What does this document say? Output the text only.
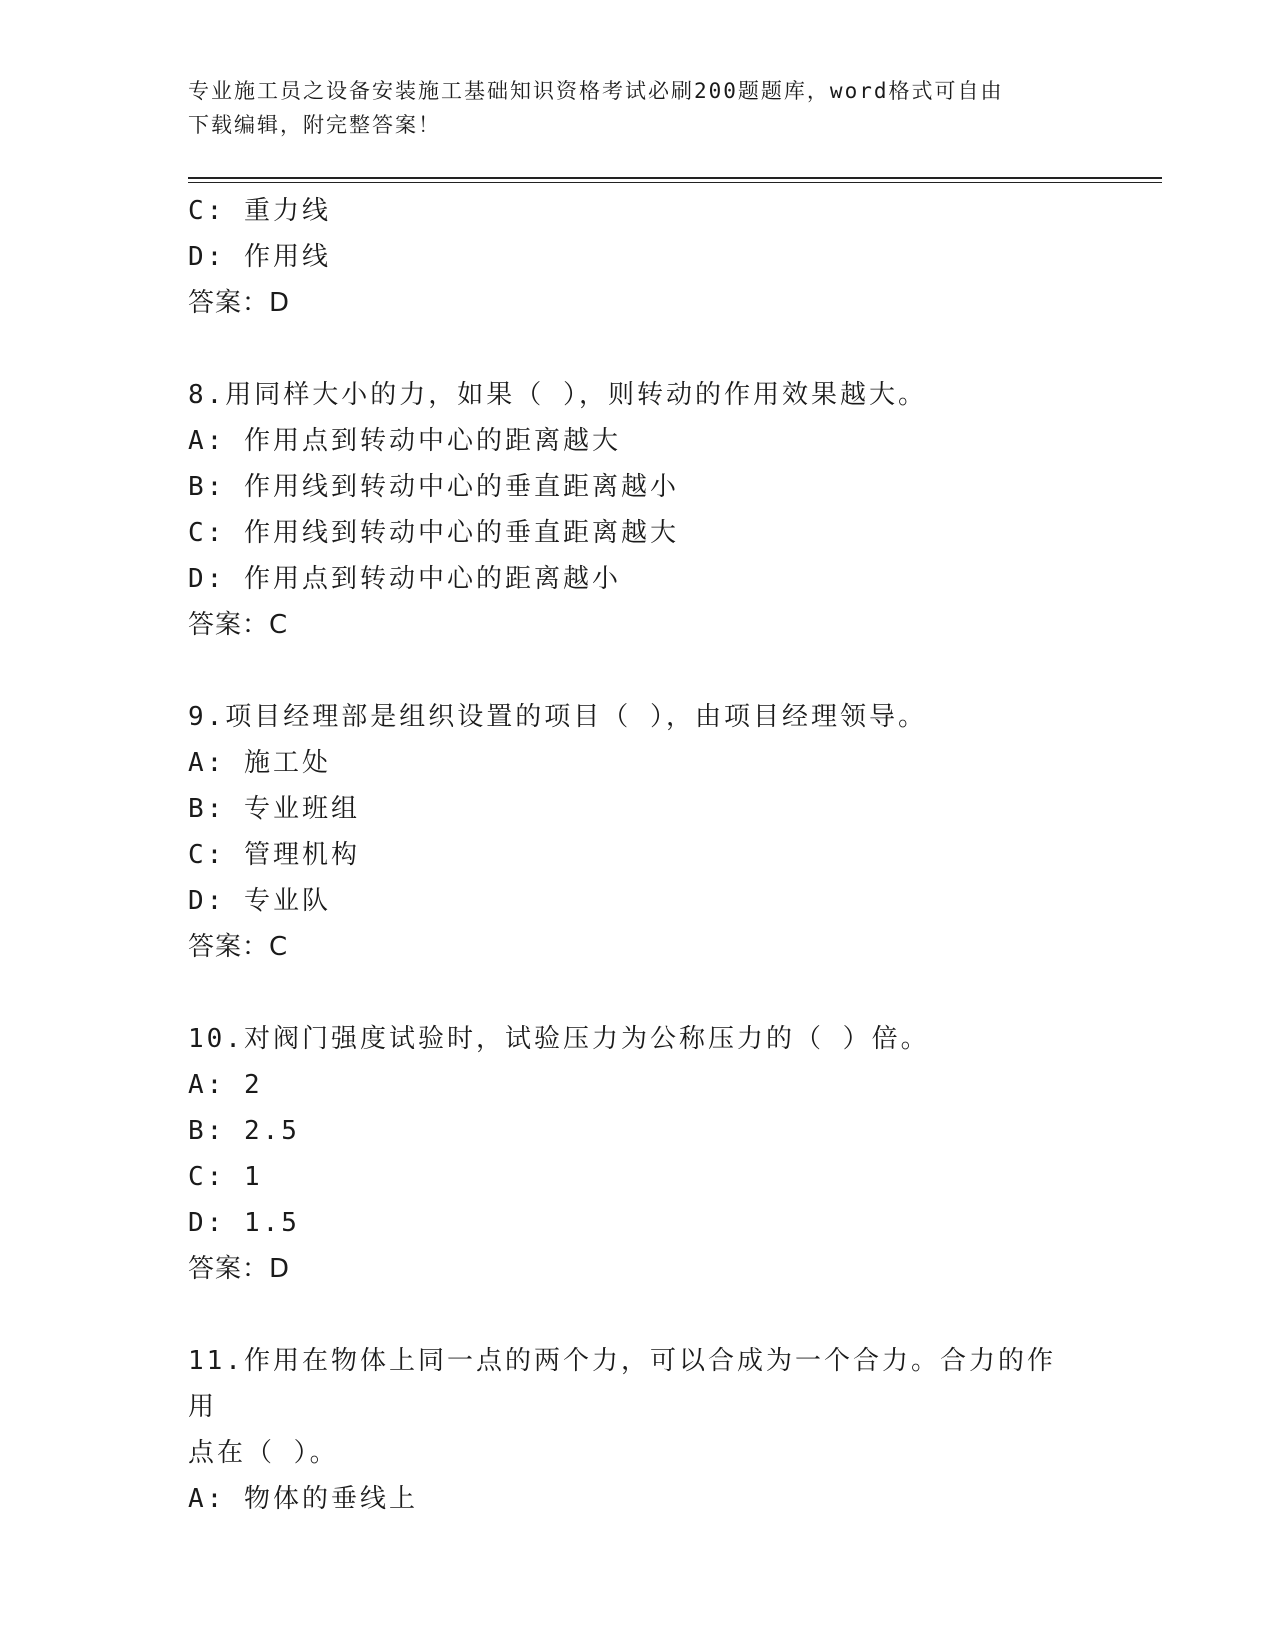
专业施工员之设备安装施工基础知识资格考试必刷200题题库，word格式可自由
下载编辑，附完整答案！
C: 重力线
D: 作用线
答案：D
8.用同样大小的力，如果（ ），则转动的作用效果越大。
A: 作用点到转动中心的距离越大
B: 作用线到转动中心的垂直距离越小
C: 作用线到转动中心的垂直距离越大
D: 作用点到转动中心的距离越小
答案：C
9.项目经理部是组织设置的项目（ ），由项目经理领导。
A: 施工处
B: 专业班组
C: 管理机构
D: 专业队
答案：C
10.对阀门强度试验时，试验压力为公称压力的（ ）倍。
A: 2
B: 2.5
C: 1
D: 1.5
答案：D
11.作用在物体上同一点的两个力，可以合成为一个合力。合力的作用
点在（ ）。
A: 物体的垂线上
